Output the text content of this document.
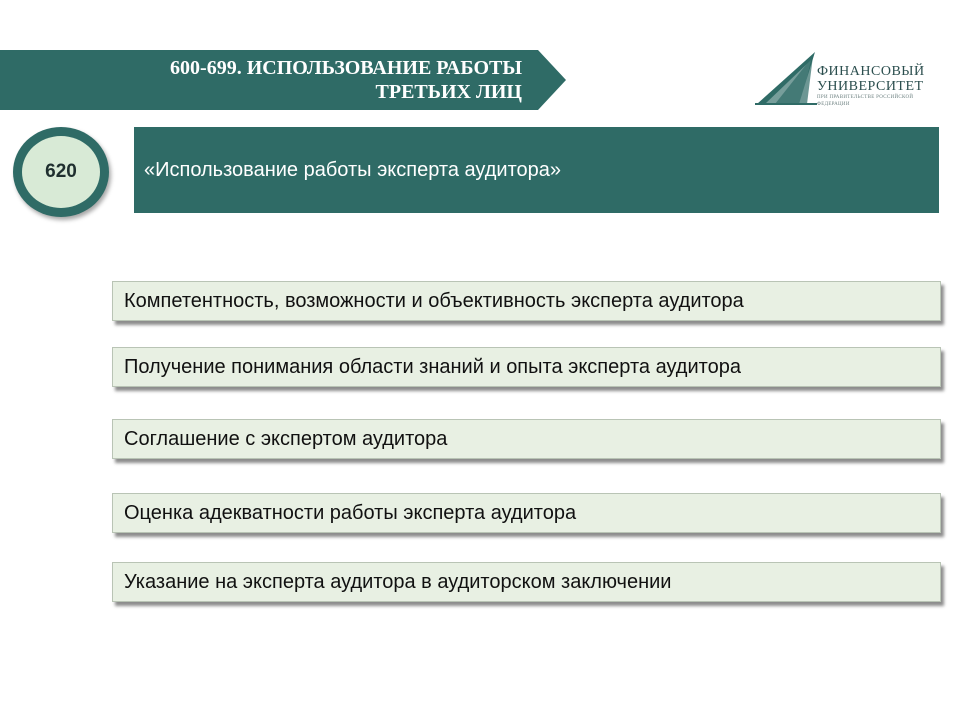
600-699. ИСПОЛЬЗОВАНИЕ РАБОТЫ
ТРЕТЬИХ ЛИЦ
ФИНАНСОВЫЙ
УНИВЕРСИТЕТ
ПРИ ПРАВИТЕЛЬСТВЕ РОССИЙСКОЙ ФЕДЕРАЦИИ
620	«Использование работы эксперта аудитора»
Компетентность, возможности и объективность эксперта аудитора
Получение понимания области знаний и опыта эксперта аудитора
Соглашение с экспертом аудитора
Оценка адекватности работы эксперта аудитора
Указание на эксперта аудитора в аудиторском заключении
